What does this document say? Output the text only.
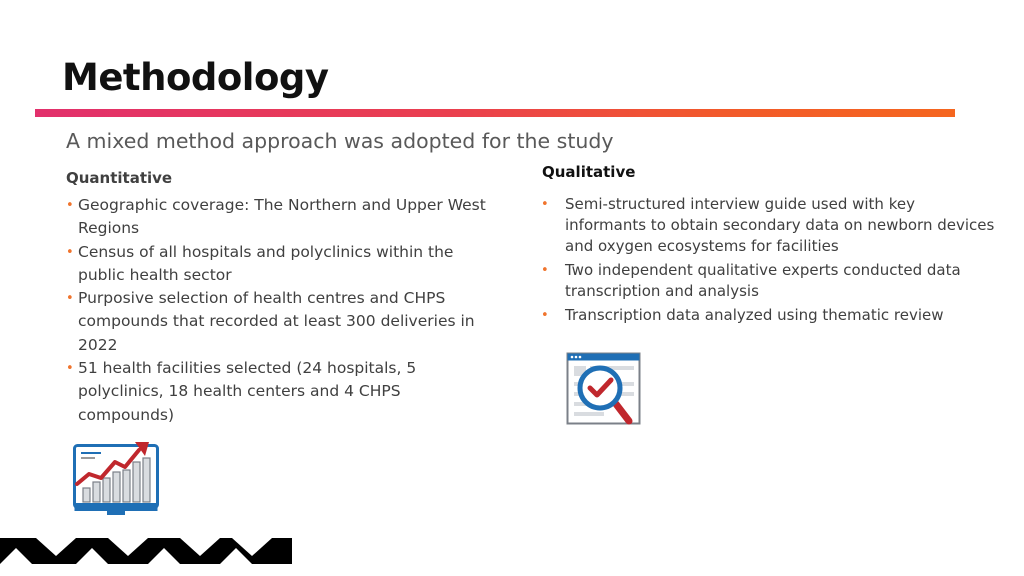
Methodology
A mixed method approach was adopted for the study
Quantitative
• Geographic coverage: The Northern and Upper West Regions
• Census of all hospitals and polyclinics within the public health sector
• Purposive selection of health centres and CHPS compounds that recorded at least 300 deliveries in 2022
• 51 health facilities selected (24 hospitals, 5 polyclinics, 18 health centers and 4 CHPS compounds)
Qualitative
• Semi-structured interview guide used with key informants to obtain secondary data on newborn devices and oxygen ecosystems for facilities
• Two independent qualitative experts conducted data transcription and analysis
• Transcription data analyzed using thematic review
